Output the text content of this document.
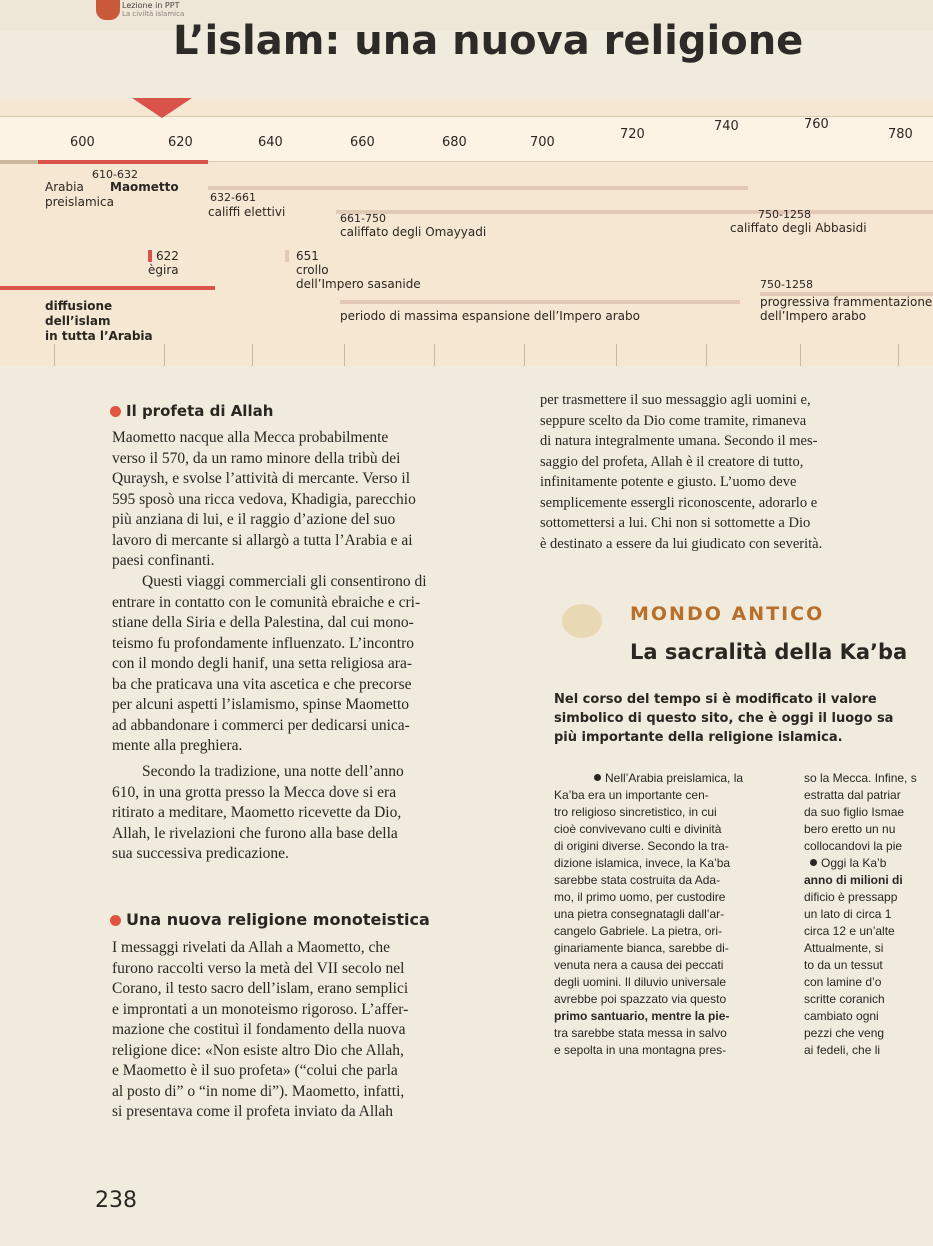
Lezione in PPT
La civiltà islamica
L’islam: una nuova religione
600	620	640	660	680	700
720
740	760
780
610-632
Arabia
preislamica
Maometto
632-661
califfi elettivi	661-750
califfato degli Omayyadi
750-1258
califfato degli Abbasidi
622
ègira
651
crollo
dell’Impero sasanide
diffusione
dell’islam
in tutta l’Arabia
periodo di massima espansione dell’Impero arabo
750-1258
progressiva frammentazione
dell’Impero arabo
Il profeta di Allah
Maometto nacque alla Mecca probabilmente
verso il 570, da un ramo minore della tribù dei
Quraysh, e svolse l’attività di mercante. Verso il
595 sposò una ricca vedova, Khadigia, parecchio
più anziana di lui, e il raggio d’azione del suo
lavoro di mercante si allargò a tutta l’Arabia e ai
paesi confinanti.
Questi viaggi commerciali gli consentirono di
entrare in contatto con le comunità ebraiche e cri-
stiane della Siria e della Palestina, dal cui mono-
teismo fu profondamente influenzato. L’incontro
con il mondo degli hanif, una setta religiosa ara-
ba che praticava una vita ascetica e che precorse
per alcuni aspetti l’islamismo, spinse Maometto
ad abbandonare i commerci per dedicarsi unica-
mente alla preghiera.
Secondo la tradizione, una notte dell’anno
610, in una grotta presso la Mecca dove si era
ritirato a meditare, Maometto ricevette da Dio,
Allah, le rivelazioni che furono alla base della
sua successiva predicazione.
Una nuova religione monoteistica
I messaggi rivelati da Allah a Maometto, che
furono raccolti verso la metà del VII secolo nel
Corano, il testo sacro dell’islam, erano semplici
e improntati a un monoteismo rigoroso. L’affer-
mazione che costituì il fondamento della nuova
religione dice: «Non esiste altro Dio che Allah,
e Maometto è il suo profeta» (“colui che parla
al posto di” o “in nome di”). Maometto, infatti,
si presentava come il profeta inviato da Allah
per trasmettere il suo messaggio agli uomini e,
seppure scelto da Dio come tramite, rimaneva
di natura integralmente umana. Secondo il mes-
saggio del profeta, Allah è il creatore di tutto,
infinitamente potente e giusto. L’uomo deve
semplicemente essergli riconoscente, adorarlo e
sottomettersi a lui. Chi non si sottomette a Dio
è destinato a essere da lui giudicato con severità.
MONDO ANTICO
La sacralità della Ka’ba
Nel corso del tempo si è modificato il valore
simbolico di questo sito, che è oggi il luogo sa
più importante della religione islamica.
Nell’Arabia preislamica, la
Ka’ba era un importante cen-
tro religioso sincretistico, in cui
cioè convivevano culti e divinità
di origini diverse. Secondo la tra-
dizione islamica, invece, la Ka’ba
sarebbe stata costruita da Ada-
mo, il primo uomo, per custodire
una pietra consegnatagli dall’ar-
cangelo Gabriele. La pietra, ori-
ginariamente bianca, sarebbe di-
venuta nera a causa dei peccati
degli uomini. Il diluvio universale
avrebbe poi spazzato via questo
primo santuario, mentre la pie-
tra sarebbe stata messa in salvo
e sepolta in una montagna pres-
so la Mecca. Infine, s
estratta dal patriar
da suo figlio Ismae
bero eretto un nu
collocandovi la pie
Oggi la Ka’b
anno di milioni di
dificio è pressapp
un lato di circa 1
circa 12 e un’alte
Attualmente, si
to da un tessut
con lamine d’o
scritte coranich
cambiato ogni
pezzi che veng
ai fedeli, che li
238
